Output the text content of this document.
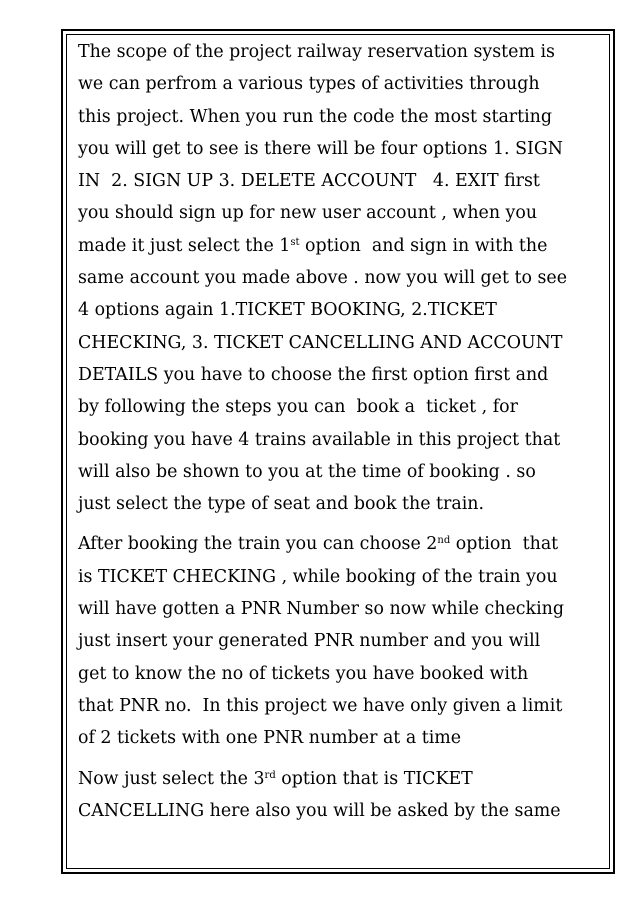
The scope of the project railway reservation system is
we can perfrom a various types of activities through
this project. When you run the code the most starting
you will get to see is there will be four options 1. SIGN
IN  2. SIGN UP 3. DELETE ACCOUNT   4. EXIT first
you should sign up for new user account , when you
made it just select the 1st option  and sign in with the
same account you made above . now you will get to see
4 options again 1.TICKET BOOKING, 2.TICKET
CHECKING, 3. TICKET CANCELLING AND ACCOUNT
DETAILS you have to choose the first option first and
by following the steps you can  book a  ticket , for
booking you have 4 trains available in this project that
will also be shown to you at the time of booking . so
just select the type of seat and book the train.
After booking the train you can choose 2nd option  that
is TICKET CHECKING , while booking of the train you
will have gotten a PNR Number so now while checking
just insert your generated PNR number and you will
get to know the no of tickets you have booked with
that PNR no.  In this project we have only given a limit
of 2 tickets with one PNR number at a time
Now just select the 3rd option that is TICKET
CANCELLING here also you will be asked by the same
